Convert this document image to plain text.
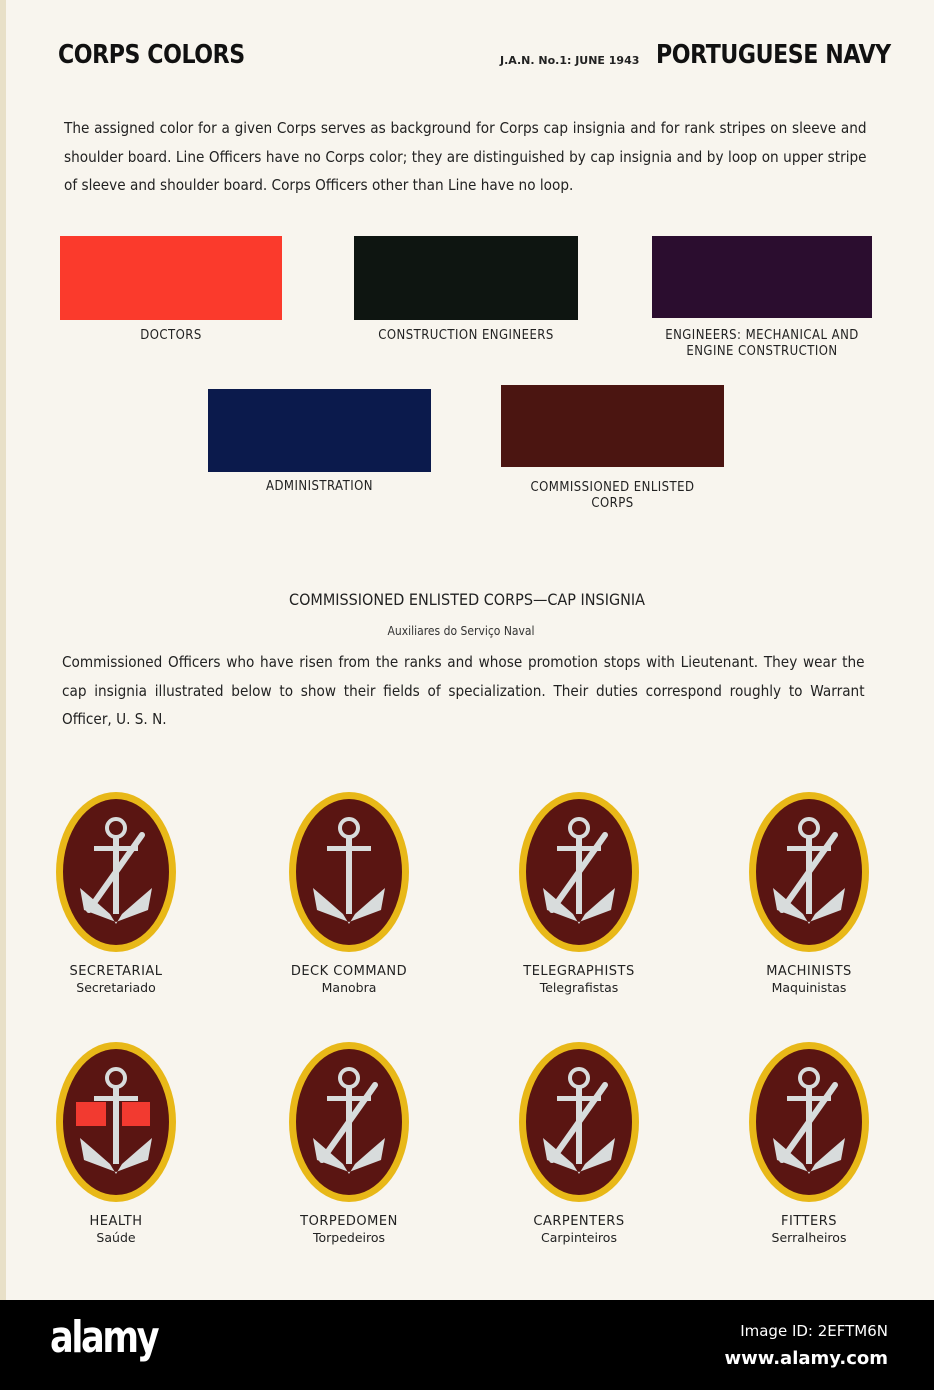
CORPS COLORS	J.A.N. No.1: JUNE 1943 PORTUGUESE NAVY
The assigned color for a given Corps serves as background for Corps cap insignia and for rank stripes on sleeve and shoulder board. Line Officers have no Corps color; they are distinguished by cap insignia and by loop on upper stripe of sleeve and shoulder board. Corps Officers other than Line have no loop.
DOCTORS	CONSTRUCTION ENGINEERS	ENGINEERS: MECHANICAL AND ENGINE CONSTRUCTION
ADMINISTRATION	COMMISSIONED ENLISTED CORPS
COMMISSIONED ENLISTED CORPS—CAP INSIGNIA
Auxiliares do Serviço Naval
Commissioned Officers who have risen from the ranks and whose promotion stops with Lieutenant. They wear the cap insignia illustrated below to show their fields of specialization. Their duties correspond roughly to Warrant Officer, U. S. N.
SECRETARIAL
Secretariado
DECK COMMAND
Manobra
TELEGRAPHISTS
Telegrafistas
MACHINISTS
Maquinistas
HEALTH
Saúde
TORPEDOMEN
Torpedeiros
CARPENTERS
Carpinteiros
FITTERS
Serralheiros
alamy	Image ID: 2EFTM6N
www.alamy.com
